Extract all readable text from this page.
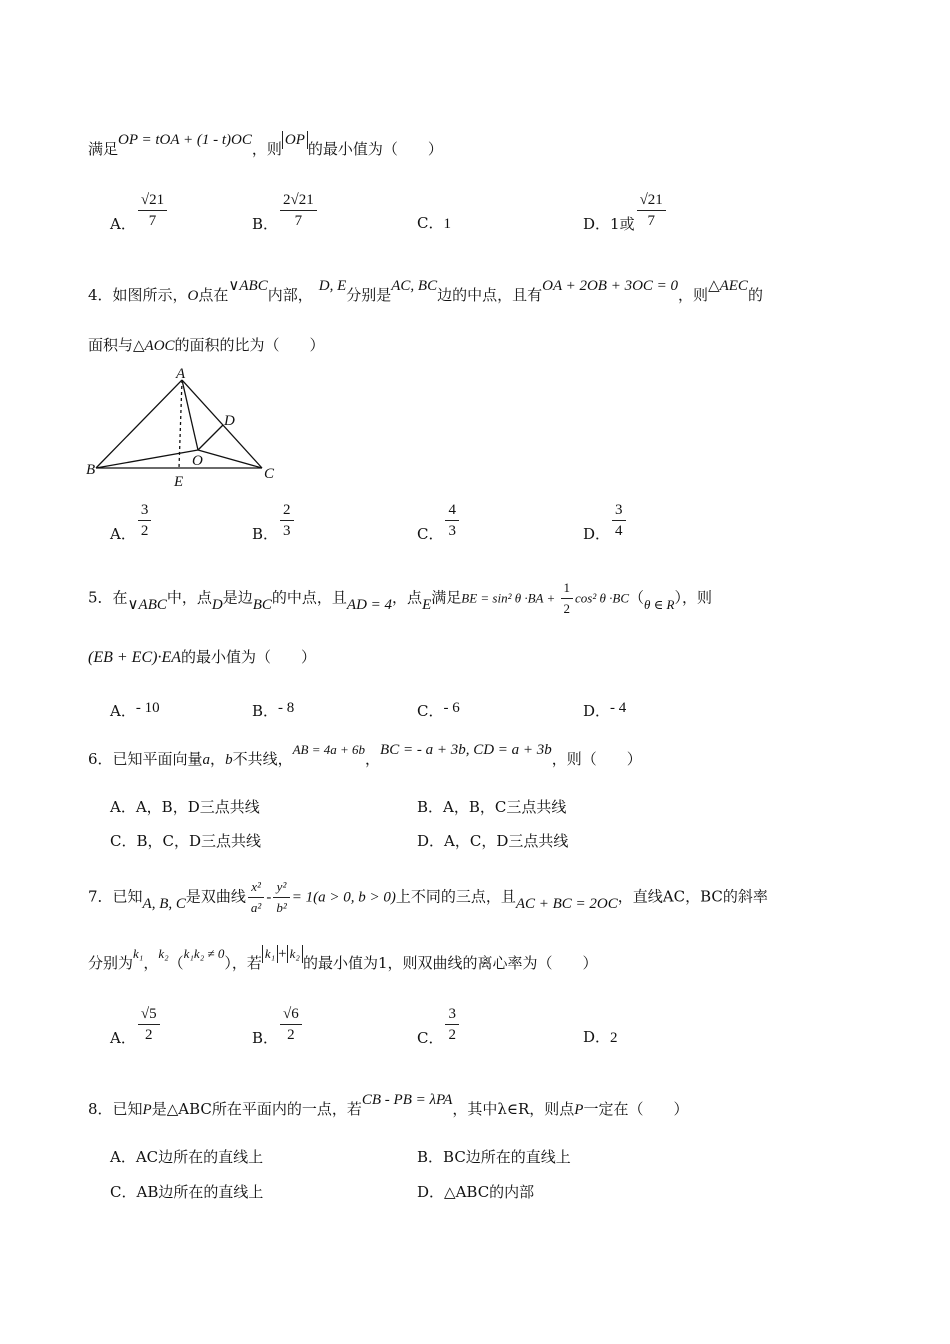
满足OP = tOA + (1 - t)OC，则 OP 的最小值为（　　）
A． $\frac{√21}{7}$	B． $\frac{2√21}{7}$	C．1	D．1或 $\frac{√21}{7}$
4．如图所示，O点在∨ABC内部， D, E分别是AC, BC边的中点，且有OA + 2OB + 3OC = 0，则△AEC的
面积与△AOC的面积的比为（　　）
A
B	C
D
E
O
A． $\frac{3}{2}$	B． $\frac{2}{3}$	C． $\frac{4}{3}$	D． $\frac{3}{4}$
5．在∨ABC中，点D是边BC的中点，且AD = 4，点E满足BE = sin² $\theta \cdot BA + \frac{1}{2} \cos^2$ θ ·BC（θ ∈ R），则
(EB + EC)·EA的最小值为（　　）
A．- 10	B．- 8	C．- 6	D．- 4
6．已知平面向量a，b不共线，AB = 4a + 6b，BC = - a + 3b, CD = a + 3b，则（　　）
A．A，B，D三点共线	B．A，B，C三点共线
C．B，C，D三点共线	D．A，C，D三点共线
7．已知A, B, C是双曲线 $\frac{\text{x²}}{\text{a²}} - \frac{\text{y²}}{\text{b²}} = 1(a > 0$, b > 0)上不同的三点，且AC + BC = 2OC，直线AC，BC的斜率
分别为k₁，k₂（k₁k₂ ≠ 0），若k₁ + k₂的最小值为1，则双曲线的离心率为（　　）
A． $\frac{√5}{2}$	B． $\frac{√6}{2}$	C． $\frac{3}{2}$	D．2
8．已知P是△ABC所在平面内的一点，若CB - PB = λPA，其中λ∈R，则点P一定在（　　）
A．AC边所在的直线上	B．BC边所在的直线上
C．AB边所在的直线上	D．△ABC的内部
